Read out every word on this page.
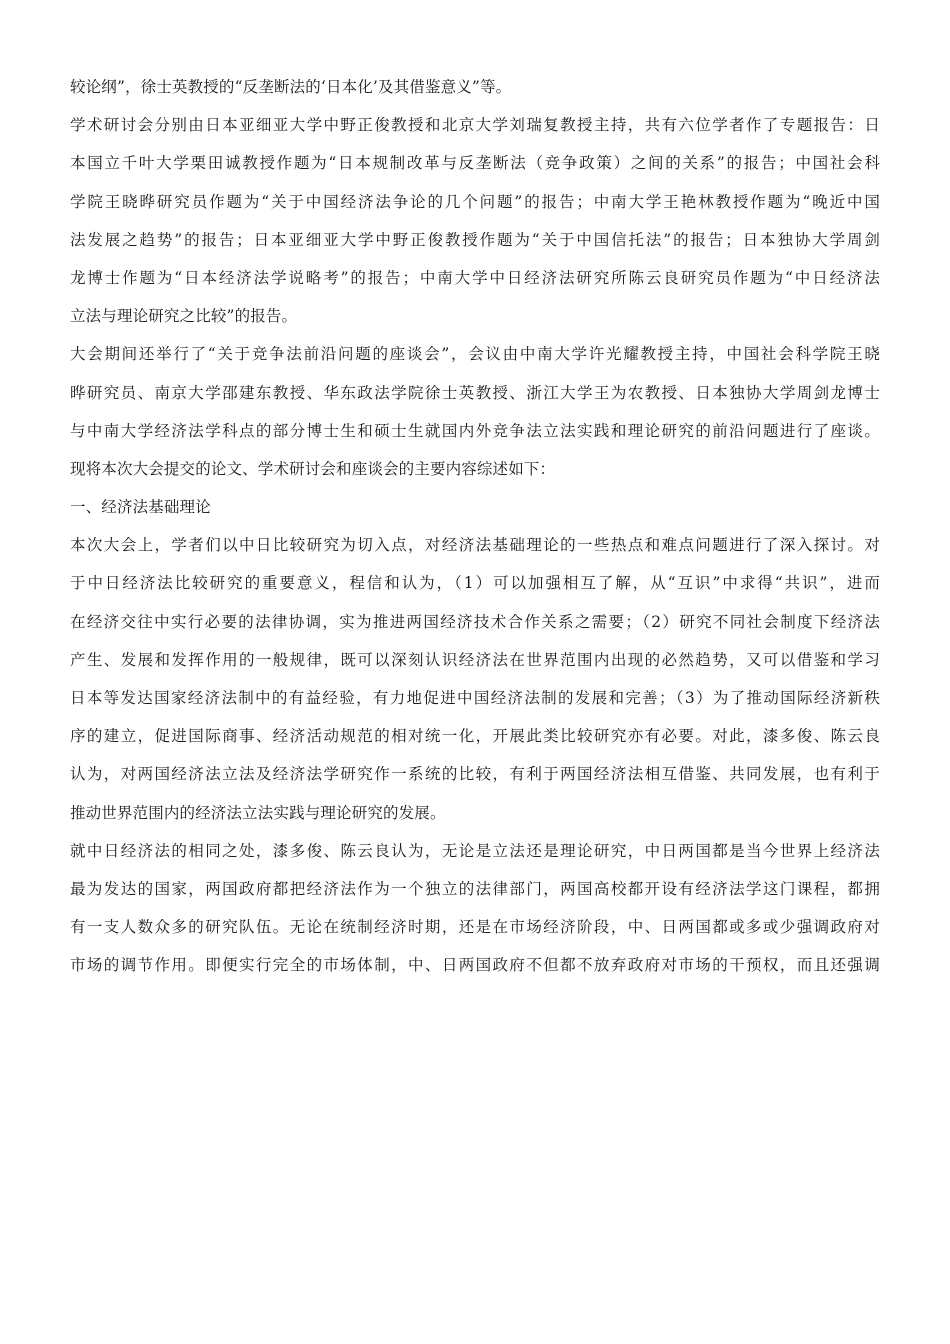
较论纲”，徐士英教授的“反垄断法的‘日本化’及其借鉴意义”等。
学术研讨会分别由日本亚细亚大学中野正俊教授和北京大学刘瑞复教授主持，共有六位学者作了专题报告：日
本国立千叶大学栗田诚教授作题为“日本规制改革与反垄断法（竞争政策）之间的关系”的报告；中国社会科
学院王晓晔研究员作题为“关于中国经济法争论的几个问题”的报告；中南大学王艳林教授作题为“晚近中国
法发展之趋势”的报告；日本亚细亚大学中野正俊教授作题为“关于中国信托法”的报告；日本独协大学周剑
龙博士作题为“日本经济法学说略考”的报告；中南大学中日经济法研究所陈云良研究员作题为“中日经济法
立法与理论研究之比较”的报告。
大会期间还举行了“关于竞争法前沿问题的座谈会”，会议由中南大学许光耀教授主持，中国社会科学院王晓
晔研究员、南京大学邵建东教授、华东政法学院徐士英教授、浙江大学王为农教授、日本独协大学周剑龙博士
与中南大学经济法学科点的部分博士生和硕士生就国内外竞争法立法实践和理论研究的前沿问题进行了座谈。
现将本次大会提交的论文、学术研讨会和座谈会的主要内容综述如下：
一、经济法基础理论
本次大会上，学者们以中日比较研究为切入点，对经济法基础理论的一些热点和难点问题进行了深入探讨。对
于中日经济法比较研究的重要意义，程信和认为，（1）可以加强相互了解，从“互识”中求得“共识”，进而
在经济交往中实行必要的法律协调，实为推进两国经济技术合作关系之需要；（2）研究不同社会制度下经济法
产生、发展和发挥作用的一般规律，既可以深刻认识经济法在世界范围内出现的必然趋势，又可以借鉴和学习
日本等发达国家经济法制中的有益经验，有力地促进中国经济法制的发展和完善；（3）为了推动国际经济新秩
序的建立，促进国际商事、经济活动规范的相对统一化，开展此类比较研究亦有必要。对此，漆多俊、陈云良
认为，对两国经济法立法及经济法学研究作一系统的比较，有利于两国经济法相互借鉴、共同发展，也有利于
推动世界范围内的经济法立法实践与理论研究的发展。
就中日经济法的相同之处，漆多俊、陈云良认为，无论是立法还是理论研究，中日两国都是当今世界上经济法
最为发达的国家，两国政府都把经济法作为一个独立的法律部门，两国高校都开设有经济法学这门课程，都拥
有一支人数众多的研究队伍。无论在统制经济时期，还是在市场经济阶段，中、日两国都或多或少强调政府对
市场的调节作用。即便实行完全的市场体制，中、日两国政府不但都不放弃政府对市场的干预权，而且还强调
